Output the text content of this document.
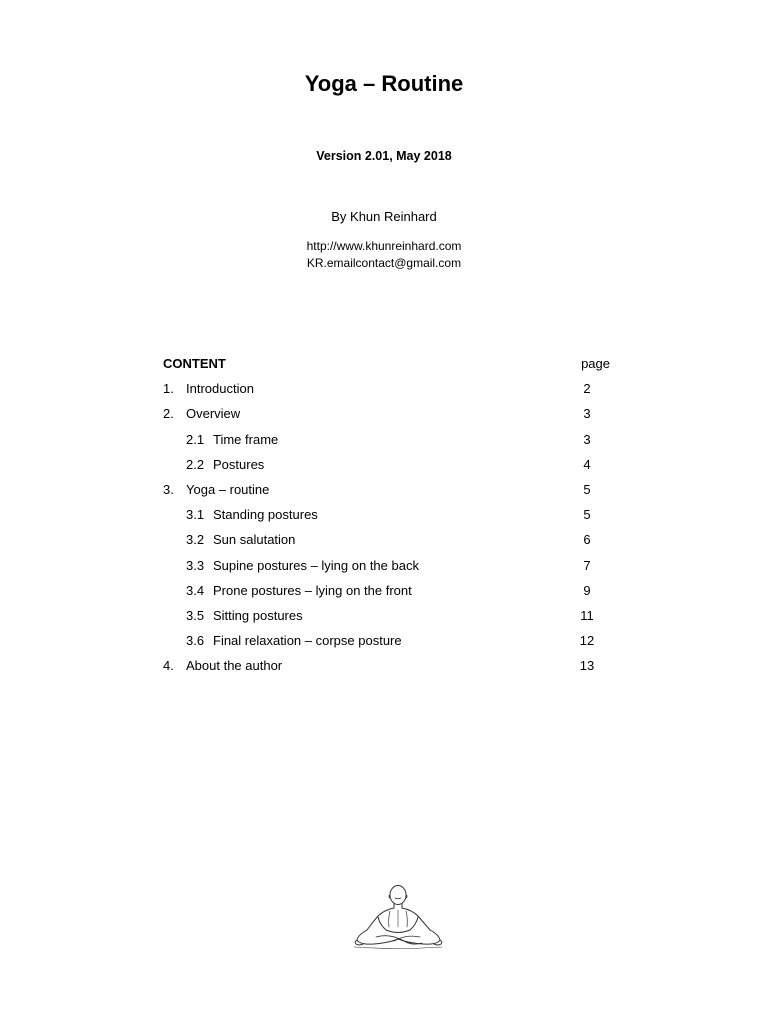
Yoga – Routine
Version 2.01, May 2018
By Khun Reinhard
http://www.khunreinhard.com
KR.emailcontact@gmail.com
CONTENT	page
1. Introduction	2
2. Overview	3
2.1 Time frame	3
2.2 Postures	4
3. Yoga – routine	5
3.1 Standing postures	5
3.2 Sun salutation	6
3.3 Supine postures – lying on the back	7
3.4 Prone postures – lying on the front	9
3.5 Sitting postures	11
3.6 Final relaxation – corpse posture	12
4. About the author	13
